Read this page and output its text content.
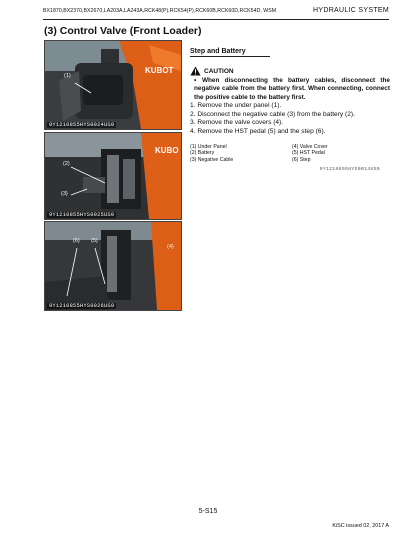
BX1870,BX2370,BX2670,LA203A,LA243A,RCK48(P),RCK54(P),RCK60B,RCK60D,RCK54D, WSM	HYDRAULIC SYSTEM
(3) Control Valve (Front Loader)
KUBOT
(1)
9Y1210855HYS0024US0
KUBO
(2)
(3)
9Y1210855HYS0025US0
(6) (5)
(4)
9Y1210855HYS0026US0
Step and Battery
CAUTION
• When disconnecting the battery cables, disconnect the negative cable from the battery first. When connecting, connect the positive cable to the battery first.
1. Remove the under panel (1).
2. Disconnect the negative cable (3) from the battery (2).
3. Remove the valve covers (4).
4. Remove the HST pedal (5) and the step (6).
(1) Under Panel	(4) Valve Cover
(2) Battery	(5) HST Pedal
(3) Negative Cable	(6) Step
9Y1210855HYS0014US0
5-S15
KiSC issued 02, 2017 A
